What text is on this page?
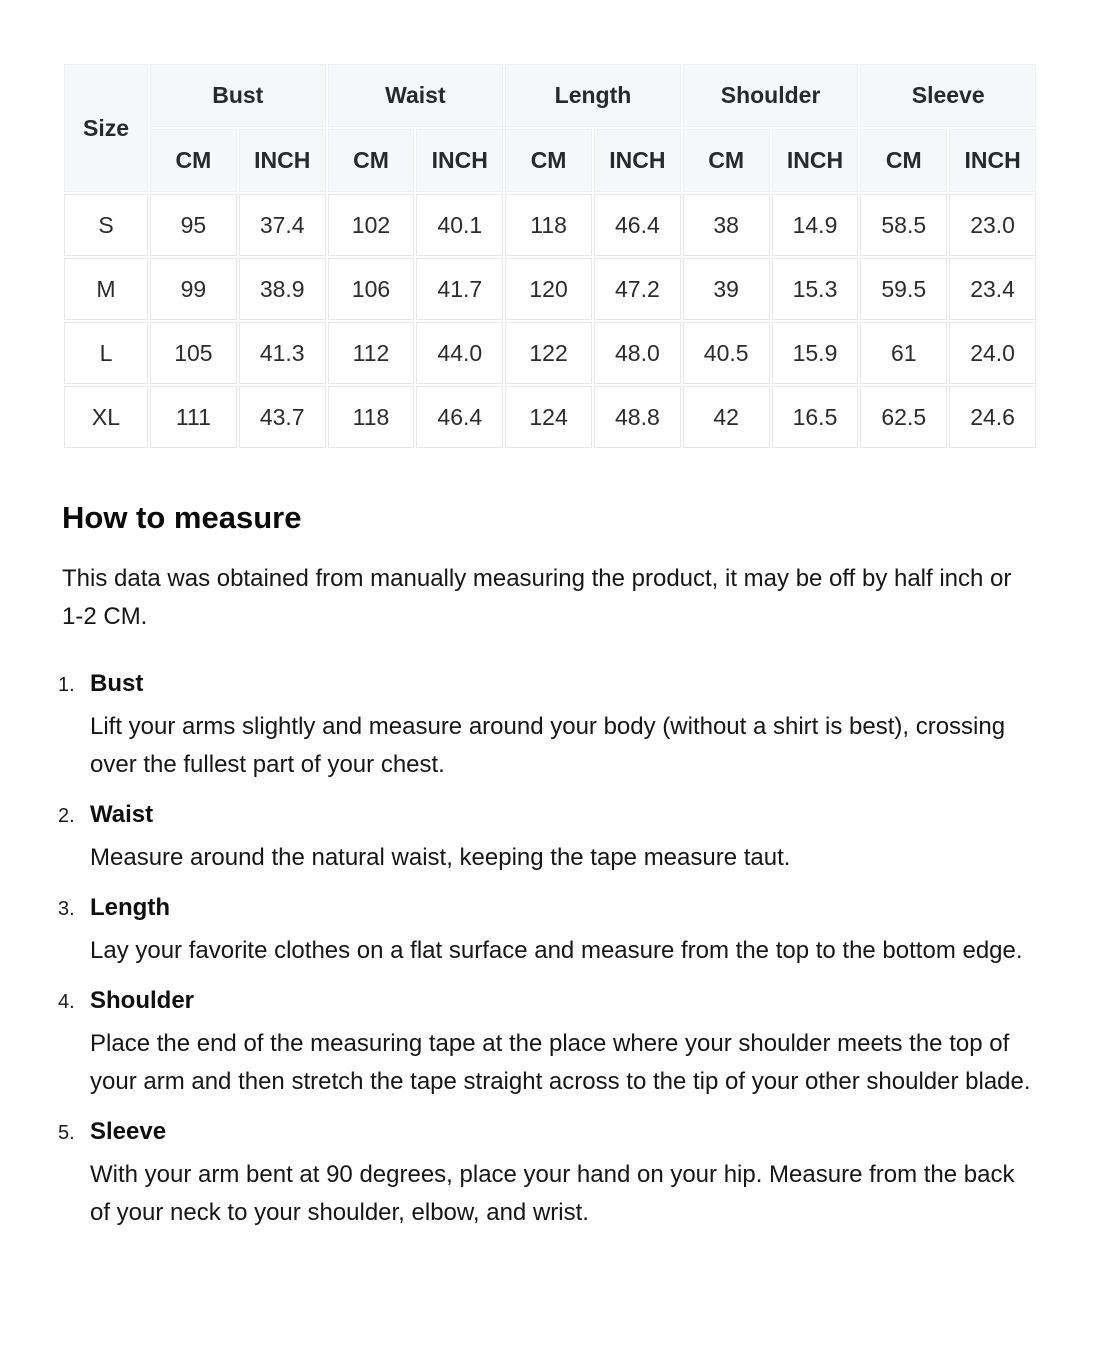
Size	Bust		Waist		Length		Shoulder		Sleeve	
	CM	INCH	CM	INCH	CM	INCH	CM	INCH	CM	INCH
S	95	37.4	102	40.1	118	46.4	38	14.9	58.5	23.0
M	99	38.9	106	41.7	120	47.2	39	15.3	59.5	23.4
L	105	41.3	112	44.0	122	48.0	40.5	15.9	61	24.0
XL	111	43.7	118	46.4	124	48.8	42	16.5	62.5	24.6
How to measure

This data was obtained from manually measuring the product, it may be off by half inch or 1-2 CM.

1. Bust

Lift your arms slightly and measure around your body (without a shirt is best), crossing over the fullest part of your chest.

2. Waist

Measure around the natural waist, keeping the tape measure taut.

3. Length

Lay your favorite clothes on a flat surface and measure from the top to the bottom edge.

4. Shoulder

Place the end of the measuring tape at the place where your shoulder meets the top of your arm and then stretch the tape straight across to the tip of your other shoulder blade.

5. Sleeve

With your arm bent at 90 degrees, place your hand on your hip. Measure from the back of your neck to your shoulder, elbow, and wrist.
